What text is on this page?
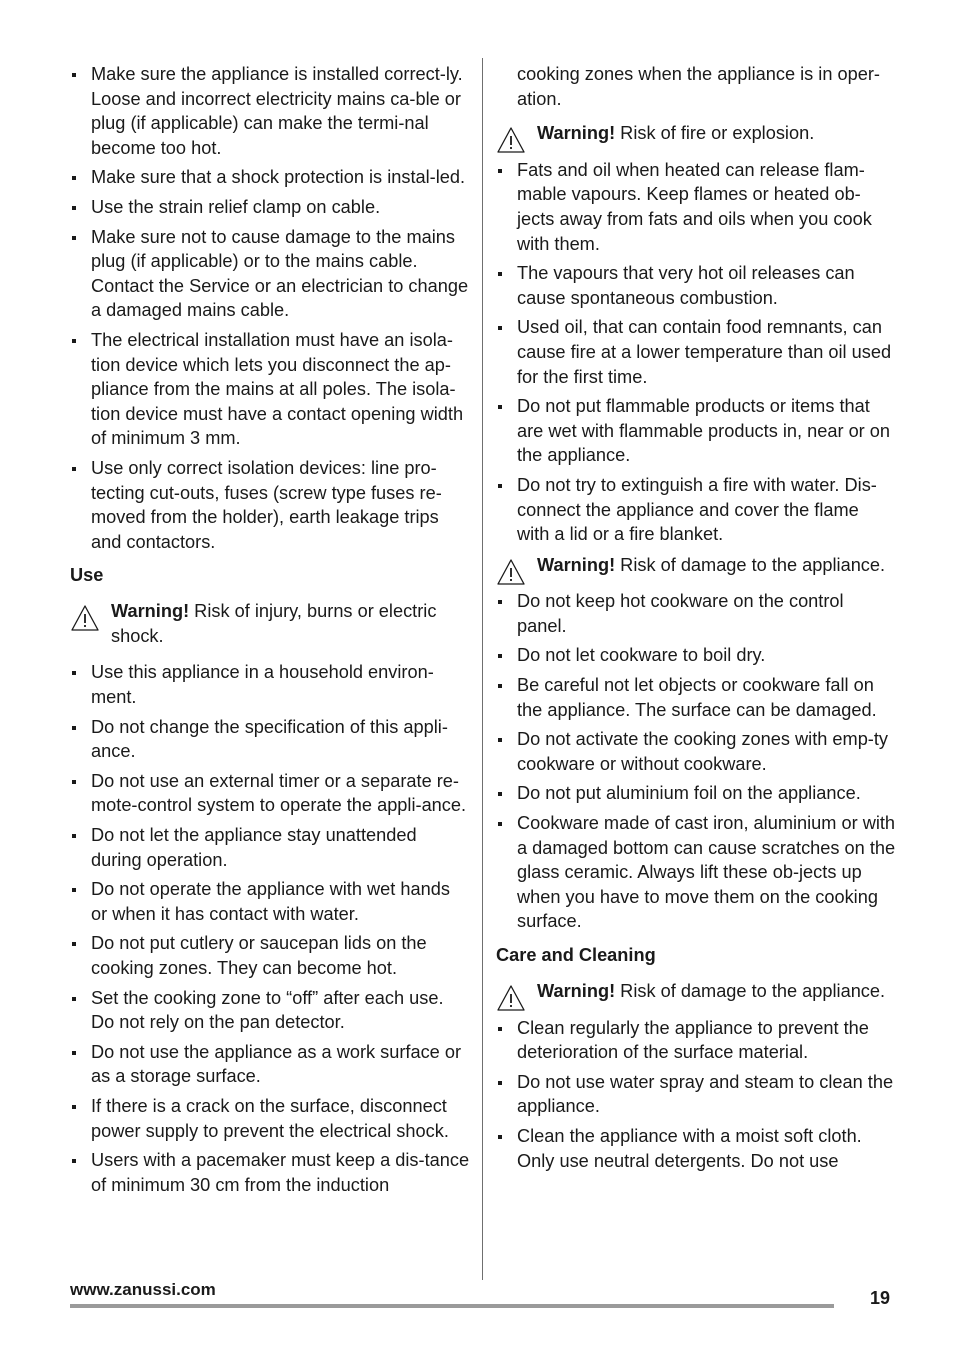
Make sure the appliance is installed correct-ly. Loose and incorrect electricity mains ca-ble or plug (if applicable) can make the termi-nal become too hot.
Make sure that a shock protection is instal-led.
Use the strain relief clamp on cable.
Make sure not to cause damage to the mains plug (if applicable) or to the mains cable. Contact the Service or an electrician to change a damaged mains cable.
The electrical installation must have an isola-tion device which lets you disconnect the ap-pliance from the mains at all poles. The isola-tion device must have a contact opening width of minimum 3 mm.
Use only correct isolation devices: line pro-tecting cut-outs, fuses (screw type fuses re-moved from the holder), earth leakage trips and contactors.
Use
Warning! Risk of injury, burns or electric shock.
Use this appliance in a household environ-ment.
Do not change the specification of this appli-ance.
Do not use an external timer or a separate re-mote-control system to operate the appli-ance.
Do not let the appliance stay unattended during operation.
Do not operate the appliance with wet hands or when it has contact with water.
Do not put cutlery or saucepan lids on the cooking zones. They can become hot.
Set the cooking zone to “off” after each use. Do not rely on the pan detector.
Do not use the appliance as a work surface or as a storage surface.
If there is a crack on the surface, disconnect power supply to prevent the electrical shock.
Users with a pacemaker must keep a dis-tance of minimum 30 cm from the induction

cooking zones when the appliance is in oper-ation.

Warning! Risk of fire or explosion.
Fats and oil when heated can release flam-mable vapours. Keep flames or heated ob-jects away from fats and oils when you cook with them.
The vapours that very hot oil releases can cause spontaneous combustion.
Used oil, that can contain food remnants, can cause fire at a lower temperature than oil used for the first time.
Do not put flammable products or items that are wet with flammable products in, near or on the appliance.
Do not try to extinguish a fire with water. Dis-connect the appliance and cover the flame with a lid or a fire blanket.
Warning! Risk of damage to the appliance.
Do not keep hot cookware on the control panel.
Do not let cookware to boil dry.
Be careful not let objects or cookware fall on the appliance. The surface can be damaged.
Do not activate the cooking zones with emp-ty cookware or without cookware.
Do not put aluminium foil on the appliance.
Cookware made of cast iron, aluminium or with a damaged bottom can cause scratches on the glass ceramic. Always lift these ob-jects up when you have to move them on the cooking surface.
Care and Cleaning
Warning! Risk of damage to the appliance.
Clean regularly the appliance to prevent the deterioration of the surface material.
Do not use water spray and steam to clean the appliance.
Clean the appliance with a moist soft cloth. Only use neutral detergents. Do not use
www.zanussi.com	19
